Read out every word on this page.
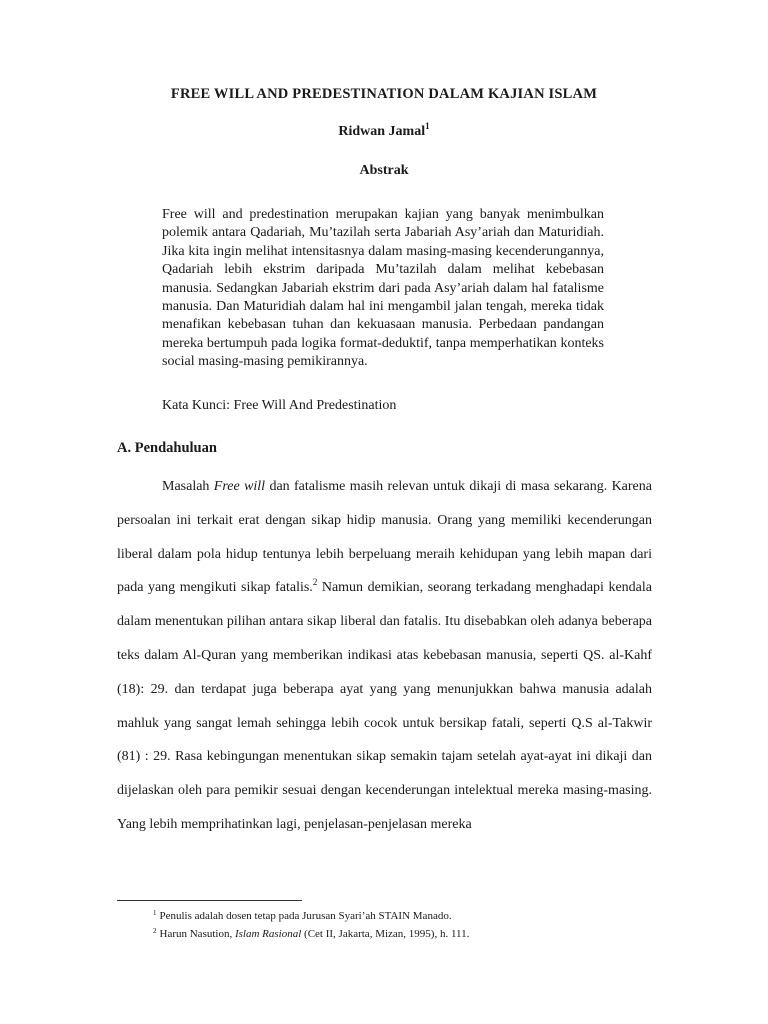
FREE WILL AND PREDESTINATION DALAM KAJIAN ISLAM
Ridwan Jamal$^1$
Abstrak
Free will and predestination merupakan kajian yang banyak menimbulkan polemik antara Qadariah, Mu’tazilah serta Jabariah Asy’ariah dan Maturidiah. Jika kita ingin melihat intensitasnya dalam masing-masing kecenderungannya, Qadariah lebih ekstrim daripada Mu’tazilah dalam melihat kebebasan manusia. Sedangkan Jabariah ekstrim dari pada Asy’ariah dalam hal fatalisme manusia. Dan Maturidiah dalam hal ini mengambil jalan tengah, mereka tidak menafikan kebebasan tuhan dan kekuasaan manusia. Perbedaan pandangan mereka bertumpuh pada logika format-deduktif, tanpa memperhatikan konteks social masing-masing pemikirannya.
Kata Kunci: Free Will And Predestination
A. Pendahuluan
Masalah Free will dan fatalisme masih relevan untuk dikaji di masa sekarang. Karena persoalan ini terkait erat dengan sikap hidip manusia. Orang yang memiliki kecenderungan liberal dalam pola hidup tentunya lebih berpeluang meraih kehidupan yang lebih mapan dari pada yang mengikuti sikap fatalis.$^2$ Namun demikian, seorang terkadang menghadapi kendala dalam menentukan pilihan antara sikap liberal dan fatalis. Itu disebabkan oleh adanya beberapa teks dalam Al-Quran yang memberikan indikasi atas kebebasan manusia, seperti QS. al-Kahf (18): 29. dan terdapat juga beberapa ayat yang yang menunjukkan bahwa manusia adalah mahluk yang sangat lemah sehingga lebih cocok untuk bersikap fatali, seperti Q.S al-Takwir (81) : 29. Rasa kebingungan menentukan sikap semakin tajam setelah ayat-ayat ini dikaji dan dijelaskan oleh para pemikir sesuai dengan kecenderungan intelektual mereka masing-masing. Yang lebih memprihatinkan lagi, penjelasan-penjelasan mereka
$^1$ Penulis adalah dosen tetap pada Jurusan Syari’ah STAIN Manado.
$^2$ Harun Nasution, Islam Rasional (Cet II, Jakarta, Mizan, 1995), h. 111.
